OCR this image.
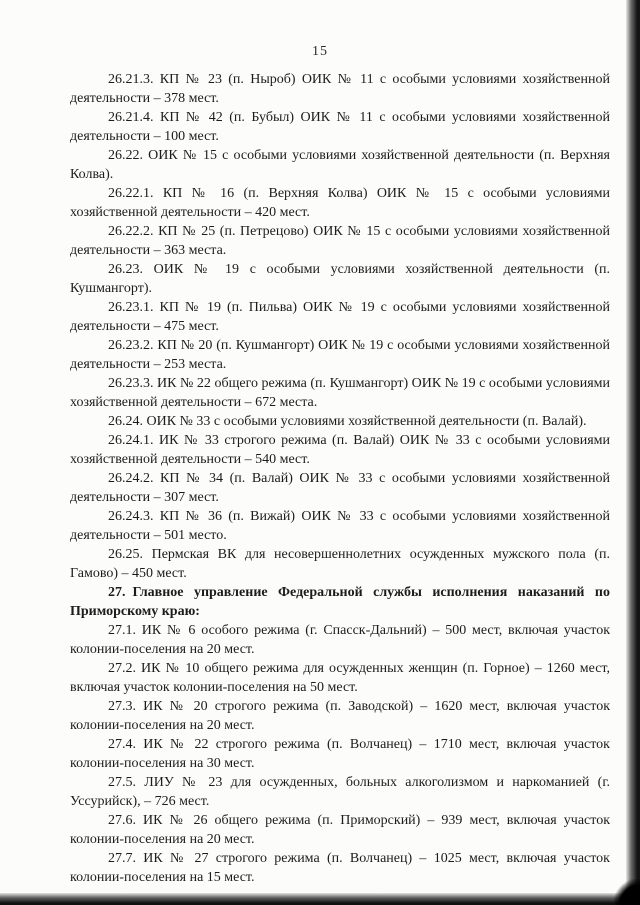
15

26.21.3. КП № 23 (п. Ныроб) ОИК № 11 с особыми условиями хозяйственной деятельности – 378 мест.

26.21.4. КП № 42 (п. Бубыл) ОИК № 11 с особыми условиями хозяйственной деятельности – 100 мест.

26.22. ОИК № 15 с особыми условиями хозяйственной деятельности (п. Верхняя Колва).

26.22.1. КП № 16 (п. Верхняя Колва) ОИК № 15 с особыми условиями хозяйственной деятельности – 420 мест.

26.22.2. КП № 25 (п. Петрецово) ОИК № 15 с особыми условиями хозяйственной деятельности – 363 места.

26.23. ОИК № 19 с особыми условиями хозяйственной деятельности (п. Кушмангорт).

26.23.1. КП № 19 (п. Пильва) ОИК № 19 с особыми условиями хозяйственной деятельности – 475 мест.

26.23.2. КП № 20 (п. Кушмангорт) ОИК № 19 с особыми условиями хозяйственной деятельности – 253 места.

26.23.3. ИК № 22 общего режима (п. Кушмангорт) ОИК № 19 с особыми условиями хозяйственной деятельности – 672 места.

26.24. ОИК № 33 с особыми условиями хозяйственной деятельности (п. Валай).

26.24.1. ИК № 33 строгого режима (п. Валай) ОИК № 33 с особыми условиями хозяйственной деятельности – 540 мест.

26.24.2. КП № 34 (п. Валай) ОИК № 33 с особыми условиями хозяйственной деятельности – 307 мест.

26.24.3. КП № 36 (п. Вижай) ОИК № 33 с особыми условиями хозяйственной деятельности – 501 место.

26.25. Пермская ВК для несовершеннолетних осужденных мужского пола (п. Гамово) – 450 мест.

27. Главное управление Федеральной службы исполнения наказаний по Приморскому краю:

27.1. ИК № 6 особого режима (г. Спасск-Дальний) – 500 мест, включая участок колонии-поселения на 20 мест.

27.2. ИК № 10 общего режима для осужденных женщин (п. Горное) – 1260 мест, включая участок колонии-поселения на 50 мест.

27.3. ИК № 20 строгого режима (п. Заводской) – 1620 мест, включая участок колонии-поселения на 20 мест.

27.4. ИК № 22 строгого режима (п. Волчанец) – 1710 мест, включая участок колонии-поселения на 30 мест.

27.5. ЛИУ № 23 для осужденных, больных алкоголизмом и наркоманией (г. Уссурийск), – 726 мест.

27.6. ИК № 26 общего режима (п. Приморский) – 939 мест, включая участок колонии-поселения на 20 мест.

27.7. ИК № 27 строгого режима (п. Волчанец) – 1025 мест, включая участок колонии-поселения на 15 мест.
